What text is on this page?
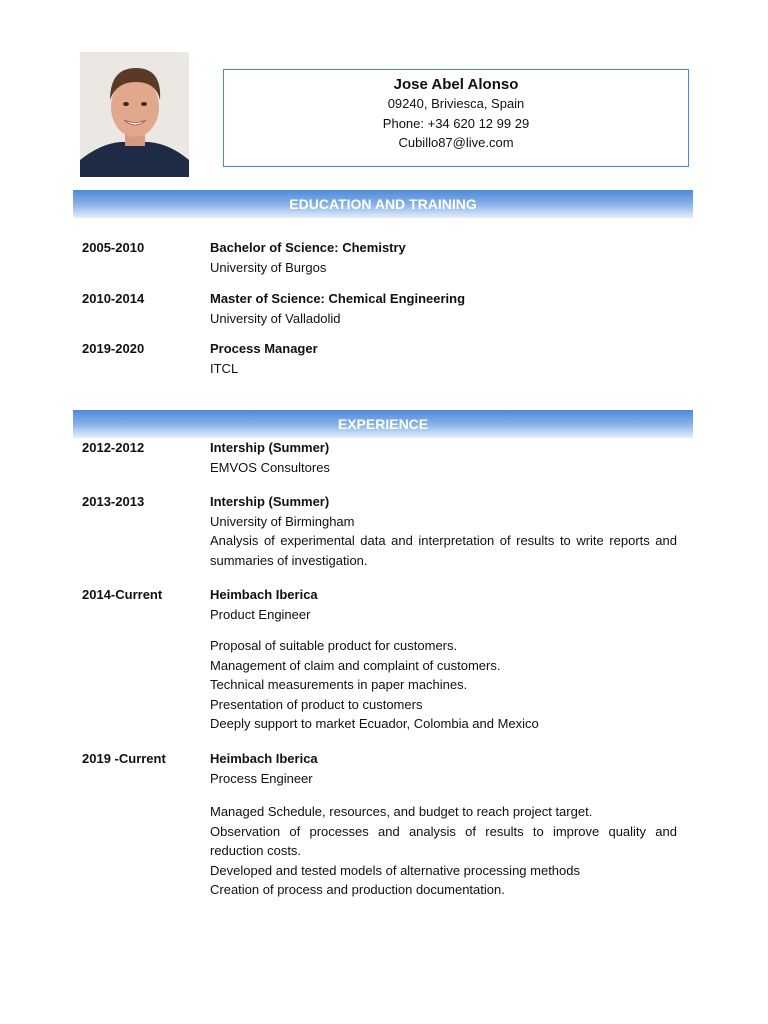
Jose Abel Alonso
09240, Briviesca, Spain
Phone: +34 620 12 99 29
Cubillo87@live.com
EDUCATION AND TRAINING
2005-2010	Bachelor of Science: Chemistry
University of Burgos
2010-2014	Master of Science: Chemical Engineering
University of Valladolid
2019-2020	Process Manager
ITCL
EXPERIENCE
2012-2012	Intership (Summer)
EMVOS Consultores
2013-2013	Intership (Summer)
University of Birmingham
Analysis of experimental data and interpretation of results to write reports and summaries of investigation.
2014-Current	Heimbach Iberica
Product Engineer
Proposal of suitable product for customers.
Management of claim and complaint of customers.
Technical measurements in paper machines.
Presentation of product to customers
Deeply support to market Ecuador, Colombia and Mexico
2019 -Current	Heimbach Iberica
Process Engineer
Managed Schedule, resources, and budget to reach project target.
Observation of processes and analysis of results to improve quality and reduction costs.
Developed and tested models of alternative processing methods
Creation of process and production documentation.
